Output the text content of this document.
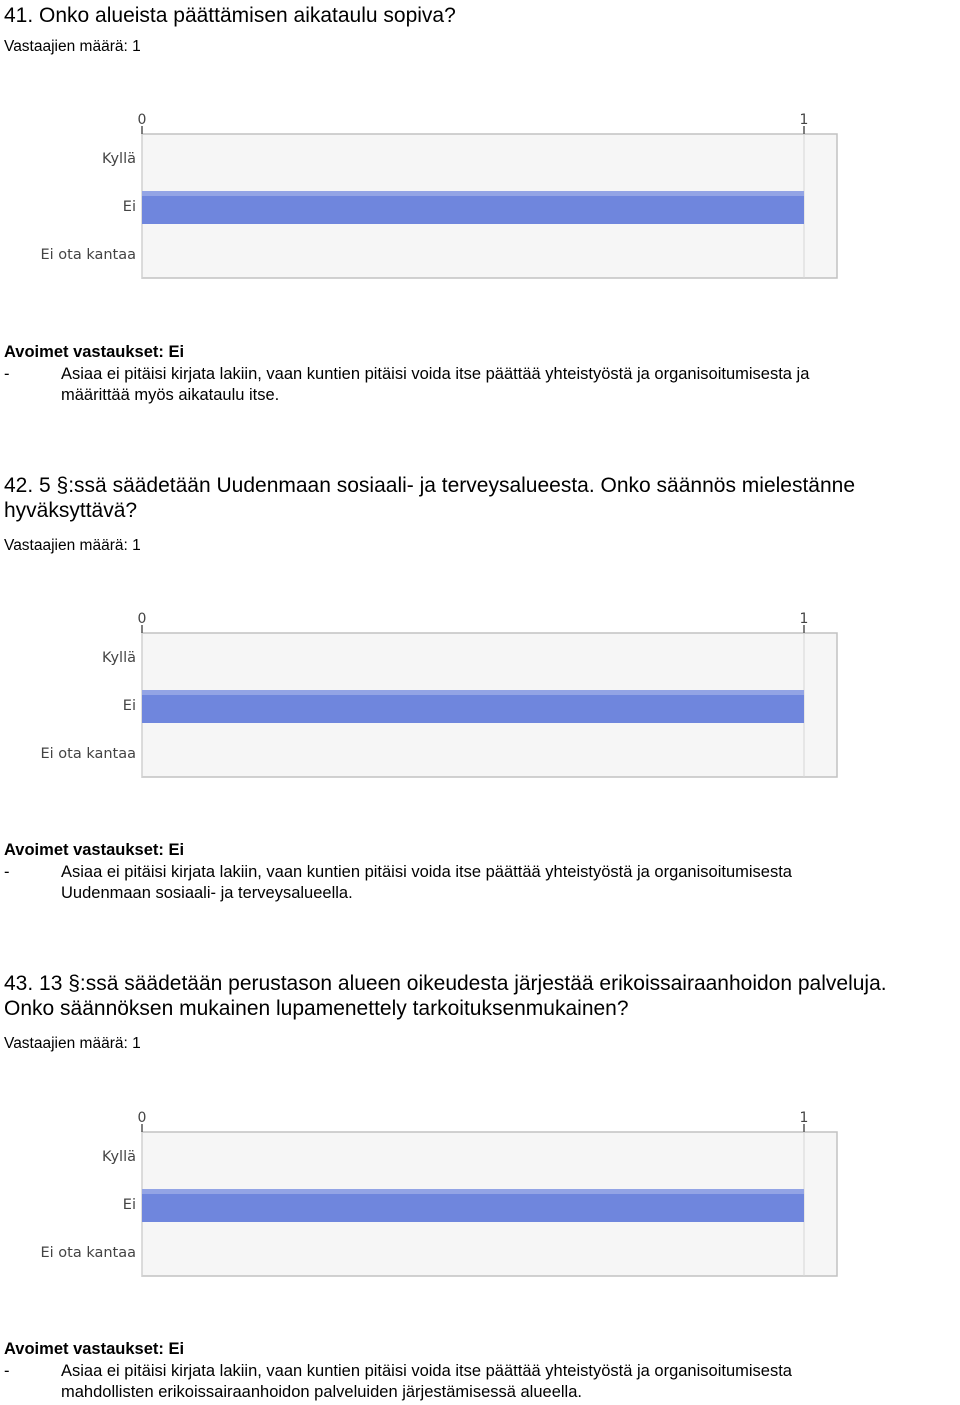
41. Onko alueista päättämisen aikataulu sopiva?
Vastaajien määrä: 1
0	1
Kyllä
Ei
Ei ota kantaa
Avoimet vastaukset: Ei
-	Asiaa ei pitäisi kirjata lakiin, vaan kuntien pitäisi voida itse päättää yhteistyöstä ja organisoitumisesta ja
määrittää myös aikataulu itse.
42. 5 §:ssä säädetään Uudenmaan sosiaali- ja terveysalueesta. Onko säännös mielestänne
hyväksyttävä?
Vastaajien määrä: 1
0	1
Kyllä
Ei
Ei ota kantaa
Avoimet vastaukset: Ei
-	Asiaa ei pitäisi kirjata lakiin, vaan kuntien pitäisi voida itse päättää yhteistyöstä ja organisoitumisesta
Uudenmaan sosiaali- ja terveysalueella.
43. 13 §:ssä säädetään perustason alueen oikeudesta järjestää erikoissairaanhoidon palveluja.
Onko säännöksen mukainen lupamenettely tarkoituksenmukainen?
Vastaajien määrä: 1
0	1
Kyllä
Ei
Ei ota kantaa
Avoimet vastaukset: Ei
-	Asiaa ei pitäisi kirjata lakiin, vaan kuntien pitäisi voida itse päättää yhteistyöstä ja organisoitumisesta
mahdollisten erikoissairaanhoidon palveluiden järjestämisessä alueella.
